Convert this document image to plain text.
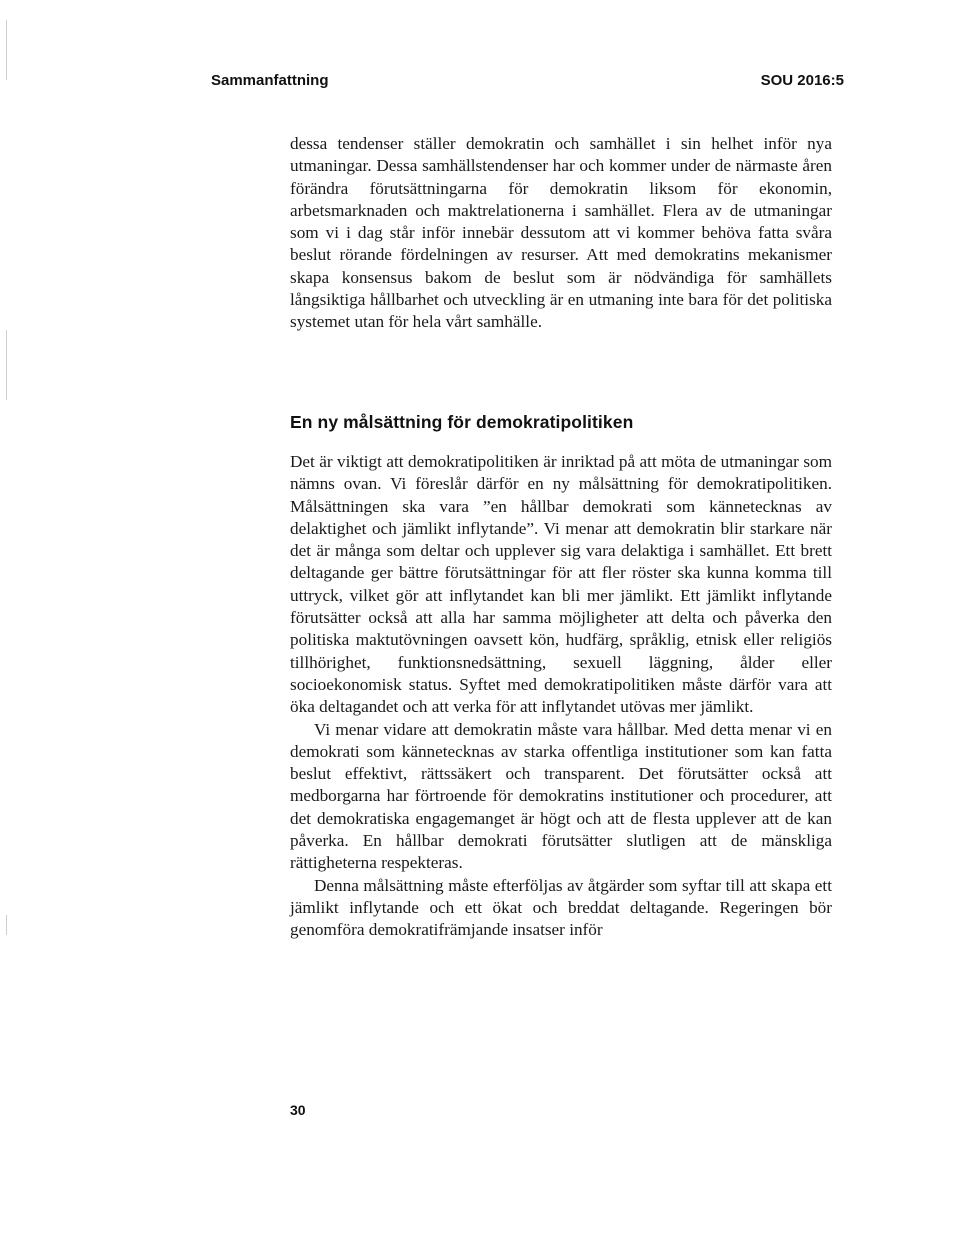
Sammanfattning	SOU 2016:5

dessa tendenser ställer demokratin och samhället i sin helhet inför nya utmaningar. Dessa samhällstendenser har och kommer under de närmaste åren förändra förutsättningarna för demokratin liksom för ekonomin, arbetsmarknaden och maktrelationerna i samhället. Flera av de utmaningar som vi i dag står inför innebär dessutom att vi kommer behöva fatta svåra beslut rörande fördelningen av resurser. Att med demokratins mekanismer skapa konsensus bakom de beslut som är nödvändiga för samhällets långsiktiga hållbarhet och utveckling är en utmaning inte bara för det politiska systemet utan för hela vårt samhälle.

En ny målsättning för demokratipolitiken

Det är viktigt att demokratipolitiken är inriktad på att möta de utmaningar som nämns ovan. Vi föreslår därför en ny målsättning för demokratipolitiken. Målsättningen ska vara ”en hållbar demokrati som kännetecknas av delaktighet och jämlikt inflytande”. Vi menar att demokratin blir starkare när det är många som deltar och upplever sig vara delaktiga i samhället. Ett brett deltagande ger bättre förutsättningar för att fler röster ska kunna komma till uttryck, vilket gör att inflytandet kan bli mer jämlikt. Ett jämlikt inflytande förutsätter också att alla har samma möjligheter att delta och påverka den politiska maktutövningen oavsett kön, hudfärg, språklig, etnisk eller religiös tillhörighet, funktionsnedsättning, sexuell läggning, ålder eller socioekonomisk status. Syftet med demokratipolitiken måste därför vara att öka deltagandet och att verka för att inflytandet utövas mer jämlikt.

Vi menar vidare att demokratin måste vara hållbar. Med detta menar vi en demokrati som kännetecknas av starka offentliga institutioner som kan fatta beslut effektivt, rättssäkert och transparent. Det förutsätter också att medborgarna har förtroende för demokratins institutioner och procedurer, att det demokratiska engagemanget är högt och att de flesta upplever att de kan påverka. En hållbar demokrati förutsätter slutligen att de mänskliga rättigheterna respekteras.

Denna målsättning måste efterföljas av åtgärder som syftar till att skapa ett jämlikt inflytande och ett ökat och breddat deltagande. Regeringen bör genomföra demokratifrämjande insatser inför

30
